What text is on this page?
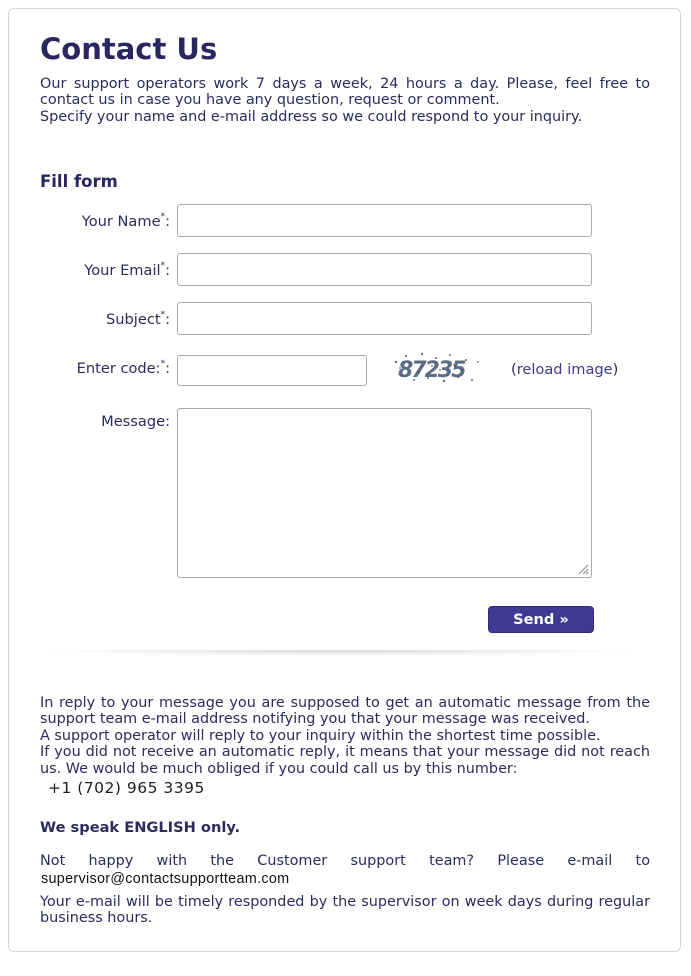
Contact Us

Our support operators work 7 days a week, 24 hours a day. Please, feel free to contact us in case you have any question, request or comment.

Specify your name and e-mail address so we could respond to your inquiry.

Fill form
Your Name*:
Your Email*:
Subject*:
Enter code:*:	87235	(reload image)
Message:
Send »

In reply to your message you are supposed to get an automatic message from the support team e-mail address notifying you that your message was received.

A support operator will reply to your inquiry within the shortest time possible.

If you did not receive an automatic reply, it means that your message did not reach us. We would be much obliged if you could call us by this number:

+1 (702) 965 3395

We speak ENGLISH only.

Not happy with the Customer support team? Please e-mail to

supervisor@contactsupportteam.com

Your e-mail will be timely responded by the supervisor on week days during regular business hours.
